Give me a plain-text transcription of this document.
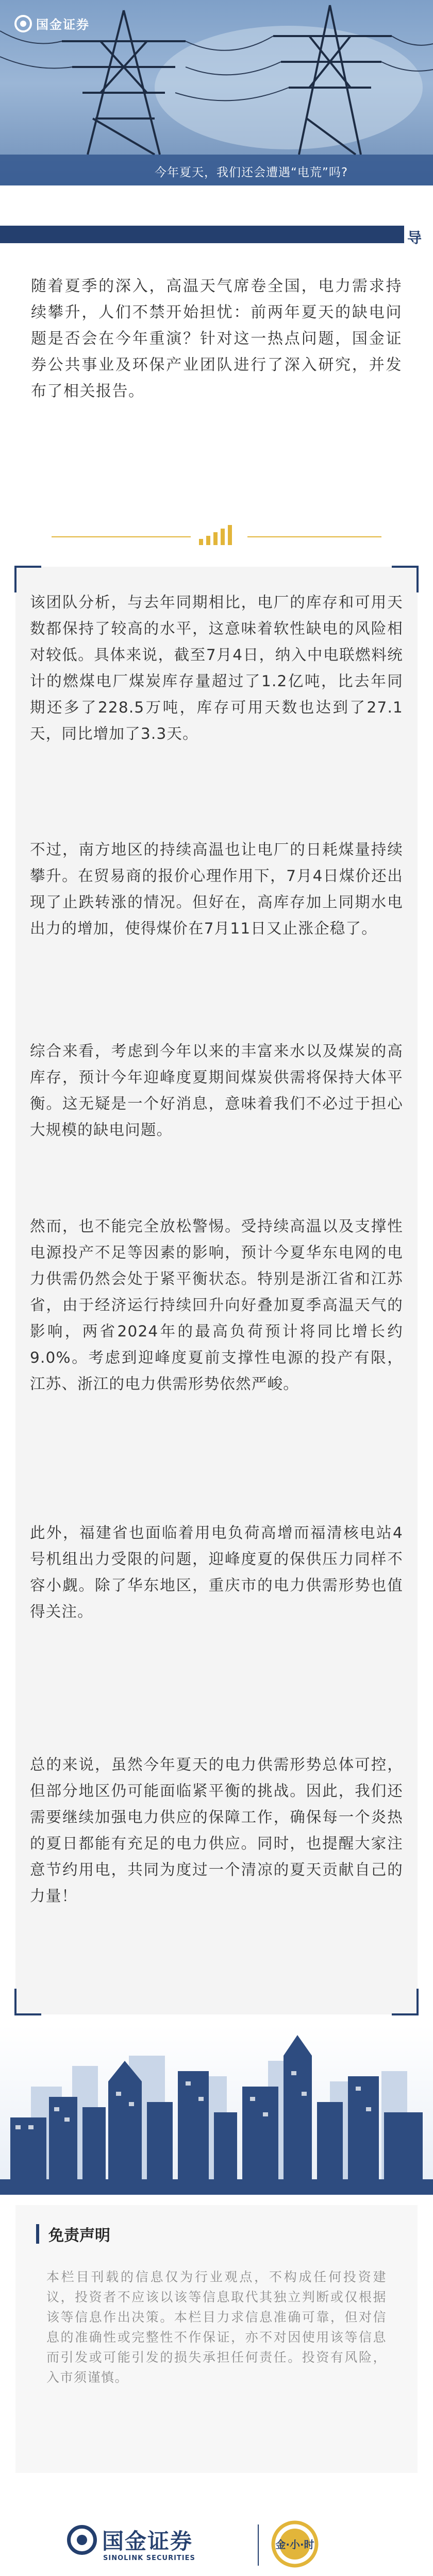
国金证券
今年夏天，我们还会遭遇“电荒”吗?
导
随着夏季的深入，高温天气席卷全国，电力需求持续攀升，人们不禁开始担忧：前两年夏天的缺电问题是否会在今年重演？针对这一热点问题，国金证券公共事业及环保产业团队进行了深入研究，并发布了相关报告。

该团队分析，与去年同期相比，电厂的库存和可用天数都保持了较高的水平，这意味着软性缺电的风险相对较低。具体来说，截至7月4日，纳入中电联燃料统计的燃煤电厂煤炭库存量超过了1.2亿吨，比去年同期还多了228.5万吨，库存可用天数也达到了27.1天，同比增加了3.3天。

不过，南方地区的持续高温也让电厂的日耗煤量持续攀升。在贸易商的报价心理作用下，7月4日煤价还出现了止跌转涨的情况。但好在，高库存加上同期水电出力的增加，使得煤价在7月11日又止涨企稳了。

综合来看，考虑到今年以来的丰富来水以及煤炭的高库存，预计今年迎峰度夏期间煤炭供需将保持大体平衡。这无疑是一个好消息，意味着我们不必过于担心大规模的缺电问题。

然而，也不能完全放松警惕。受持续高温以及支撑性电源投产不足等因素的影响，预计今夏华东电网的电力供需仍然会处于紧平衡状态。特别是浙江省和江苏省，由于经济运行持续回升向好叠加夏季高温天气的影响，两省2024年的最高负荷预计将同比增长约9.0%。考虑到迎峰度夏前支撑性电源的投产有限，江苏、浙江的电力供需形势依然严峻。

此外，福建省也面临着用电负荷高增而福清核电站4号机组出力受限的问题，迎峰度夏的保供压力同样不容小觑。除了华东地区，重庆市的电力供需形势也值得关注。

总的来说，虽然今年夏天的电力供需形势总体可控，但部分地区仍可能面临紧平衡的挑战。因此，我们还需要继续加强电力供应的保障工作，确保每一个炎热的夏日都能有充足的电力供应。同时，也提醒大家注意节约用电，共同为度过一个清凉的夏天贡献自己的力量！

免责声明
本栏目刊载的信息仅为行业观点，不构成任何投资建议，投资者不应该以该等信息取代其独立判断或仅根据该等信息作出决策。本栏目力求信息准确可靠，但对信息的准确性或完整性不作保证，亦不对因使用该等信息而引发或可能引发的损失承担任何责任。投资有风险，入市须谨慎。
国金证券
SINOLINK SECURITIES
金·小·时
